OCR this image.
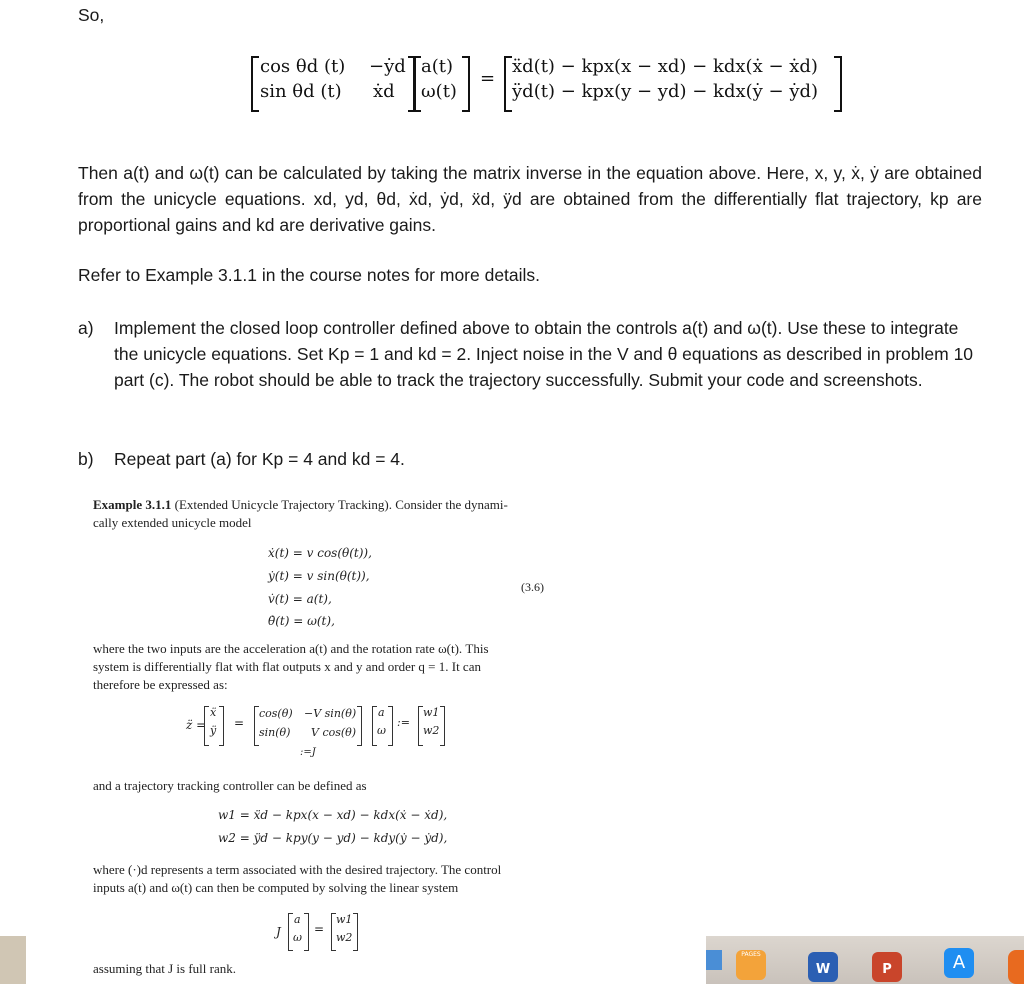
So,
cos θd (t) −ẏd
sin θd (t) ẋd
a(t)
ω(t)
=
ẍd(t) − kpx(x − xd) − kdx(ẋ − ẋd)
ÿd(t) − kpx(y − yd) − kdx(ẏ − ẏd)
Then a(t) and ω(t) can be calculated by taking the matrix inverse in the equation above. Here, x, y, ẋ, ẏ are obtained from the unicycle equations. xd, yd, θd, ẋd, ẏd, ẍd, ÿd are obtained from the differentially flat trajectory, kp are proportional gains and kd are derivative gains.
Refer to Example 3.1.1 in the course notes for more details.
a) Implement the closed loop controller defined above to obtain the controls a(t) and ω(t). Use these to integrate the unicycle equations. Set Kp = 1 and kd = 2. Inject noise in the V and θ equations as described in problem 10 part (c). The robot should be able to track the trajectory successfully. Submit your code and screenshots.
b) Repeat part (a) for Kp = 4 and kd = 4.
Example 3.1.1 (Extended Unicycle Trajectory Tracking). Consider the dynami-
cally extended unicycle model
ẋ(t) = v cos(θ(t)),
ẏ(t) = v sin(θ(t)),
v̇(t) = a(t),
θ̇(t) = ω(t),
(3.6)
where the two inputs are the acceleration a(t) and the rotation rate ω(t). This
system is differentially flat with flat outputs x and y and order q = 1. It can
therefore be expressed as:
z̈ =
ẍ
ÿ
=
cos(θ) −V sin(θ)
sin(θ) V cos(θ)
:=J
a
ω
:=
w1
w2
and a trajectory tracking controller can be defined as
w1 = ẍd − kpx(x − xd) − kdx(ẋ − ẋd),
w2 = ÿd − kpy(y − yd) − kdy(ẏ − ẏd),
where (·)d represents a term associated with the desired trajectory. The control
inputs a(t) and ω(t) can then be computed by solving the linear system
J
a
ω
=
w1
w2
assuming that J is full rank.
PAGES
W	P	A
